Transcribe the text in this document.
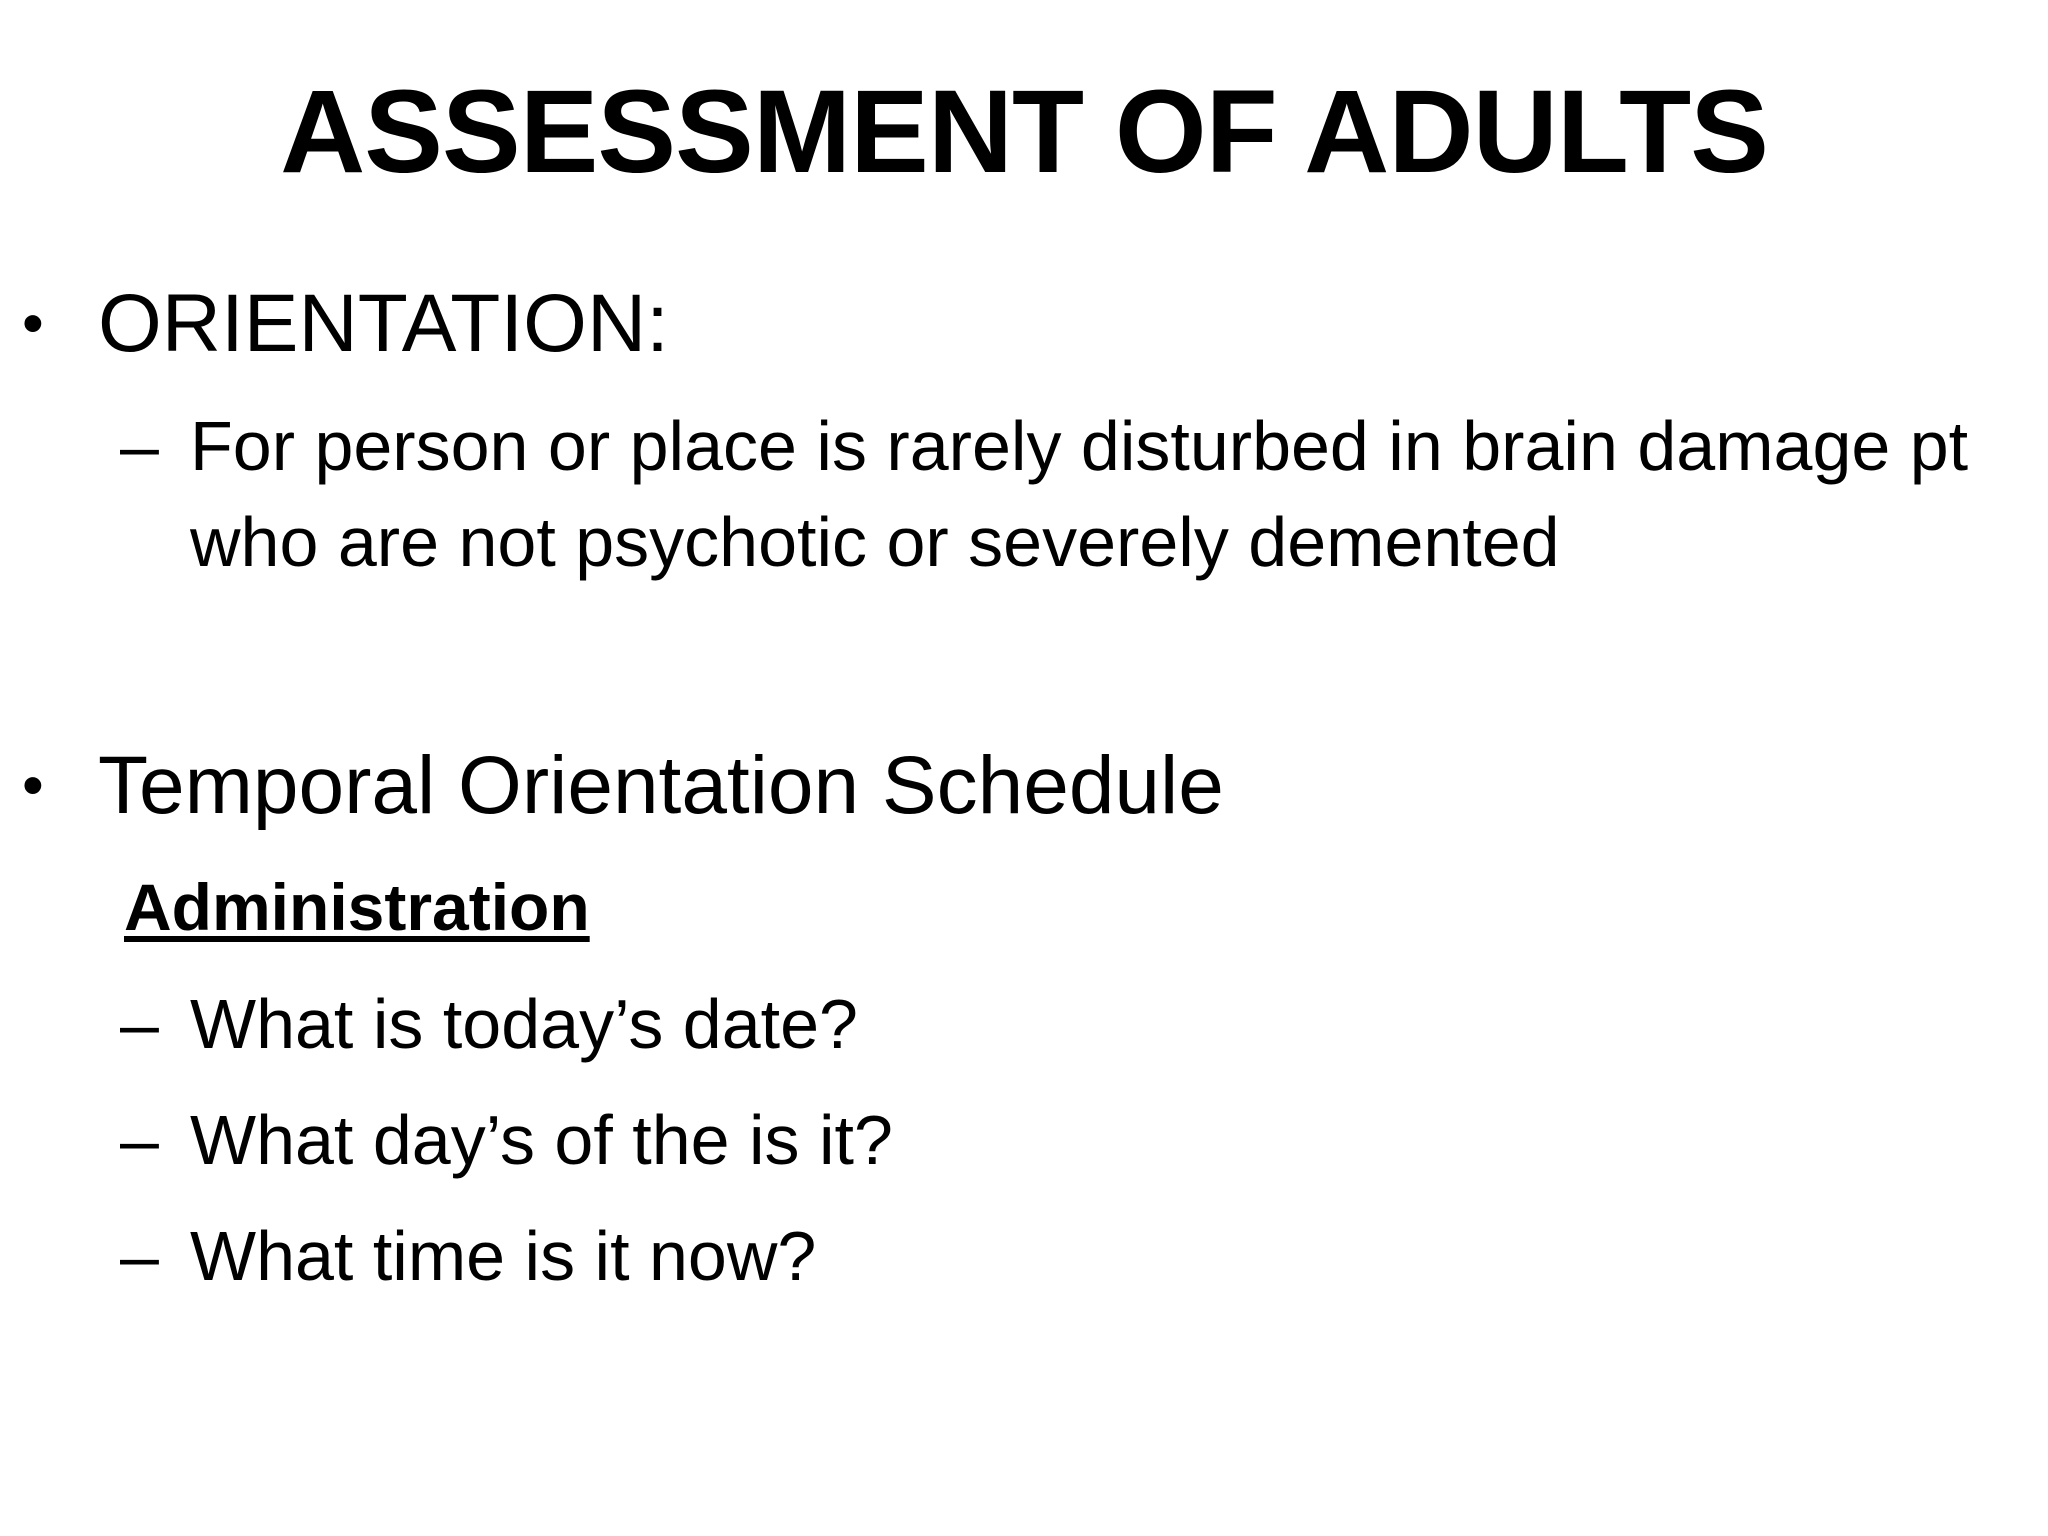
ASSESSMENT OF ADULTS
• ORIENTATION:
– For person or place is rarely disturbed in brain damage pt who are not psychotic or severely demented
• Temporal Orientation Schedule
Administration
– What is today’s date?
– What day’s of the is it?
– What time is it now?
